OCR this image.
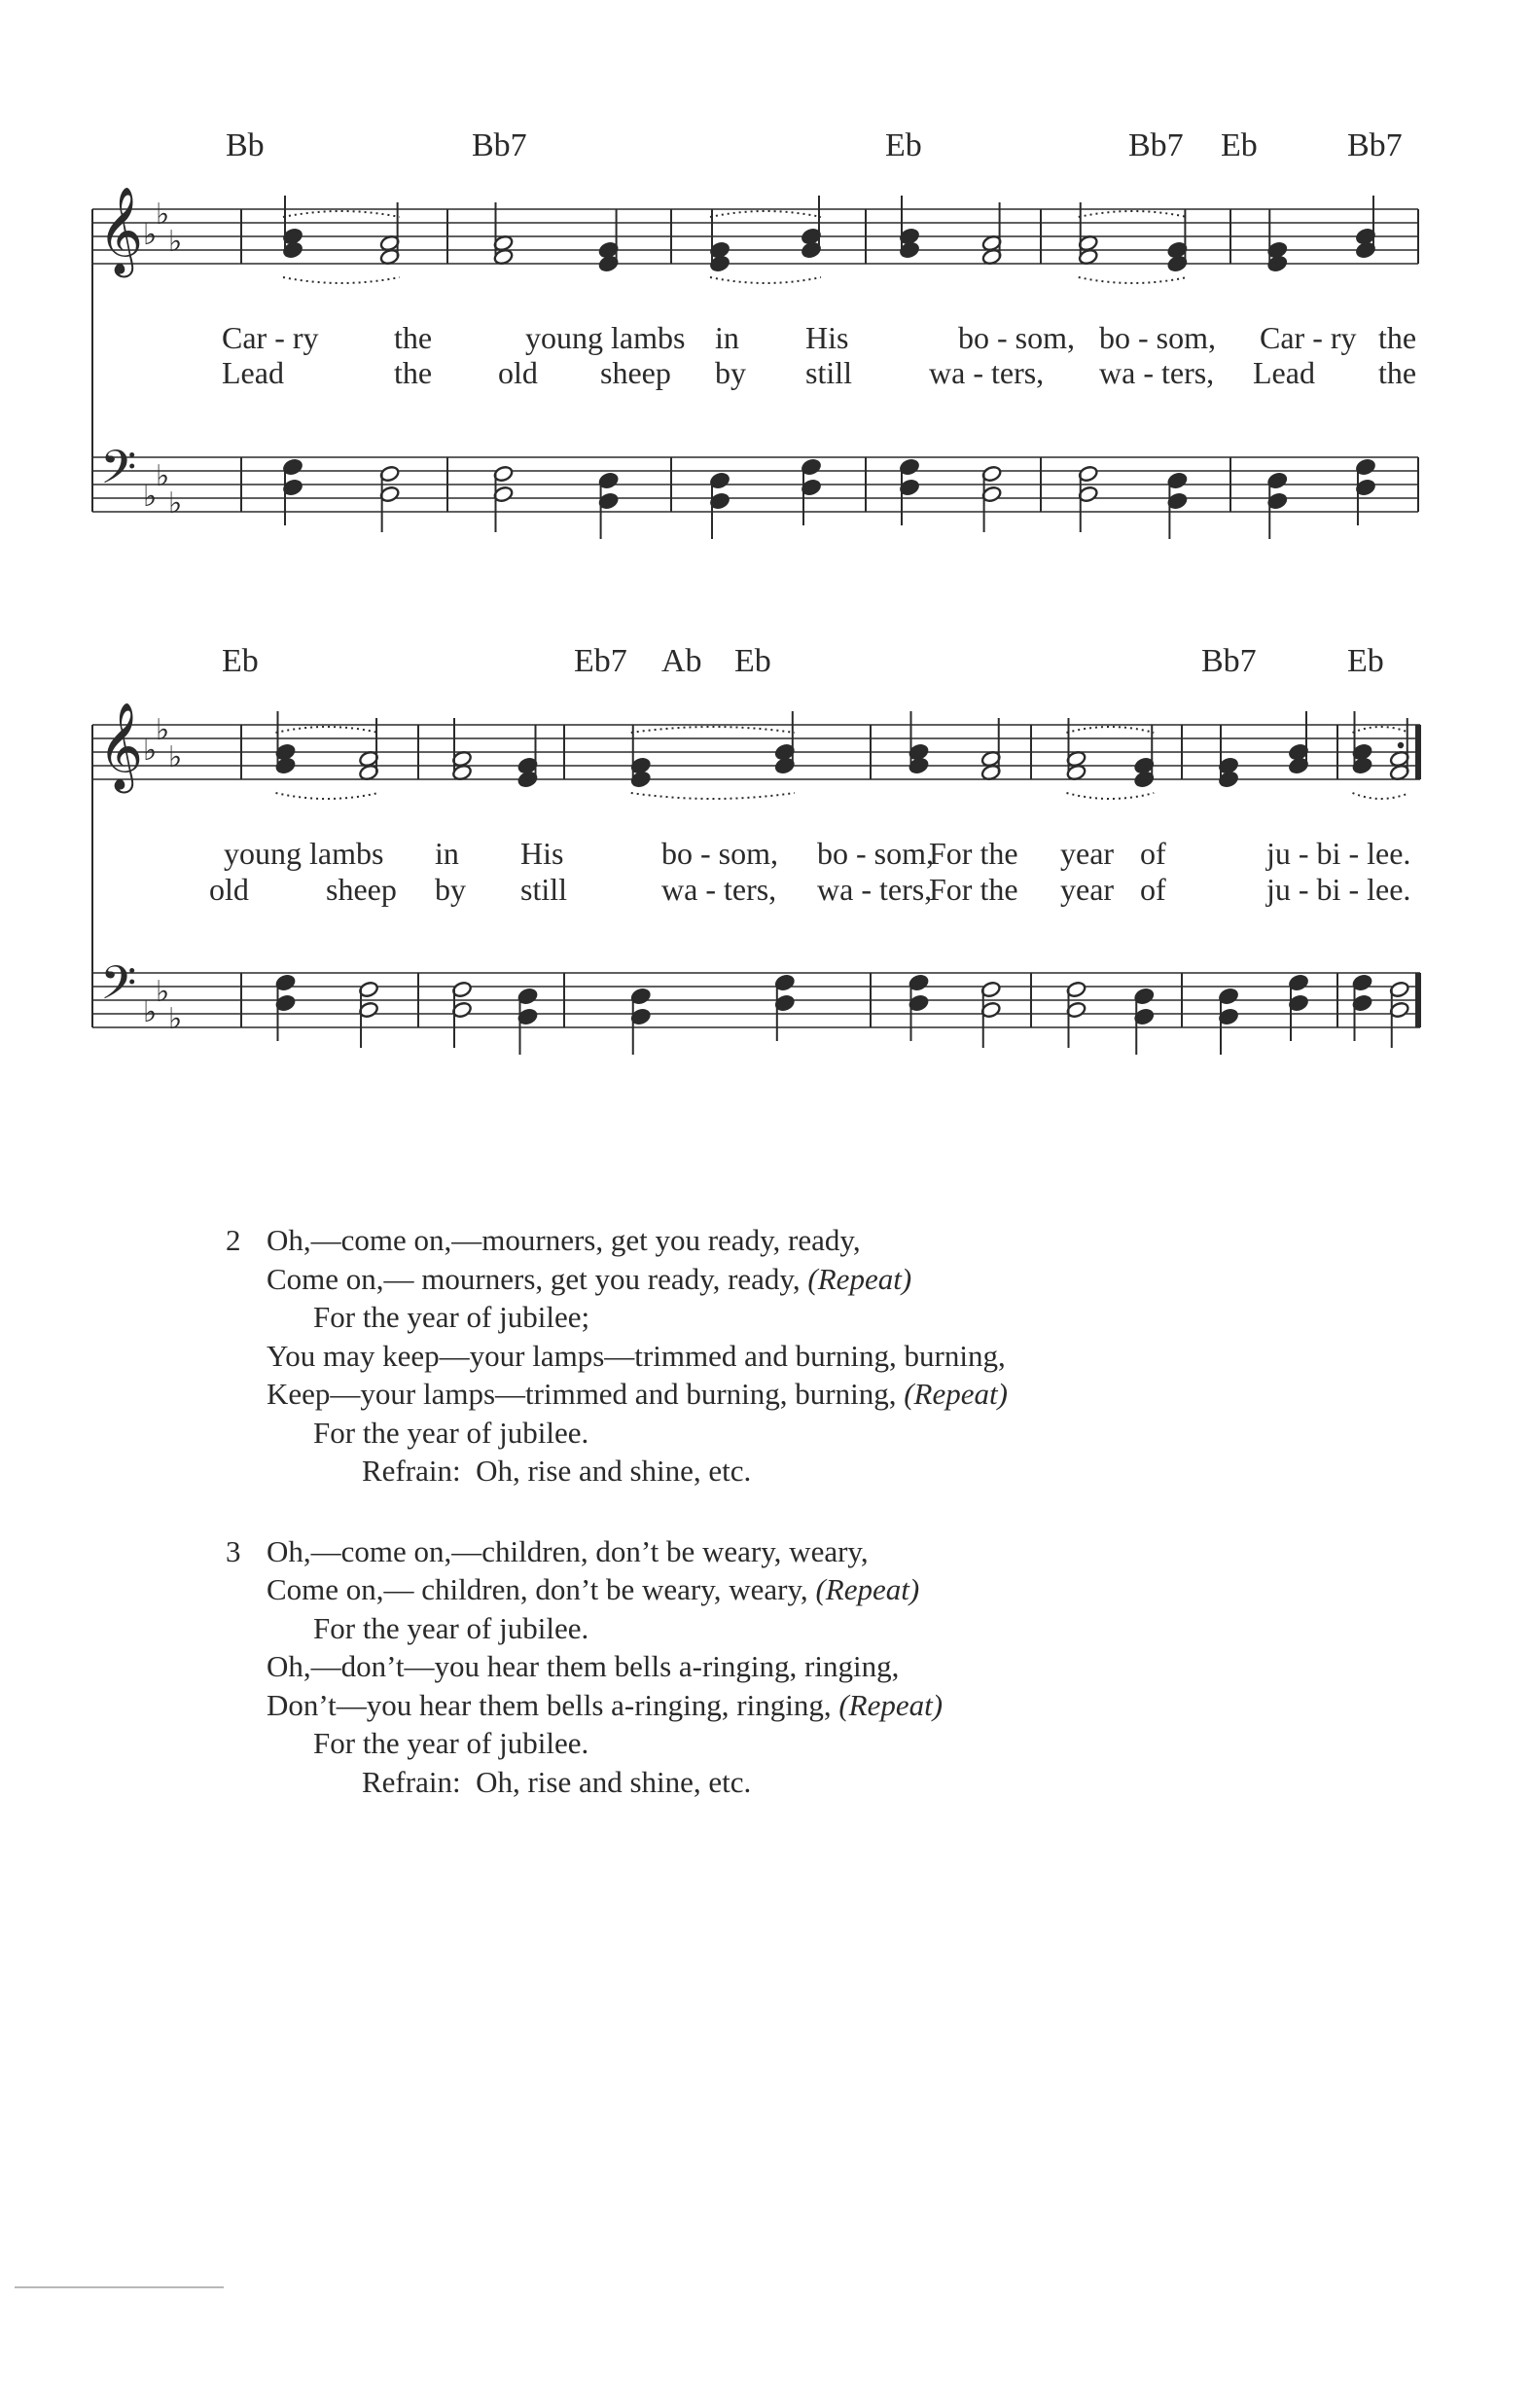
𝄞
𝄢
♭
♭
♭
♭
♭
♭
Bb	Bb7	Eb	Bb7 Eb	Bb7
Car - ry the	young lambs in His	bo - som, bo - som, Car - ry the
Lead	the old sheep by still wa - ters, wa - ters, Lead the
𝄞
𝄢
♭
♭
♭
♭
♭
♭
Eb	Eb7 Ab Eb	Bb7	Eb
young lambs in His	bo - som, bo - som,
For the year of	ju - bi - lee.
old sheep by still	wa - ters, wa - ters,
For the year of	ju - bi - lee.
2 Oh,—come on,—mourners, get you ready, ready,
Come on,— mourners, get you ready, ready, (Repeat)
For the year of jubilee;
You may keep—your lamps—trimmed and burning, burning,
Keep—your lamps—trimmed and burning, burning, (Repeat)
For the year of jubilee.
Refrain:  Oh, rise and shine, etc.
3 Oh,—come on,—children, don’t be weary, weary,
Come on,— children, don’t be weary, weary, (Repeat)
For the year of jubilee.
Oh,—don’t—you hear them bells a-ringing, ringing,
Don’t—you hear them bells a-ringing, ringing, (Repeat)
For the year of jubilee.
Refrain:  Oh, rise and shine, etc.
